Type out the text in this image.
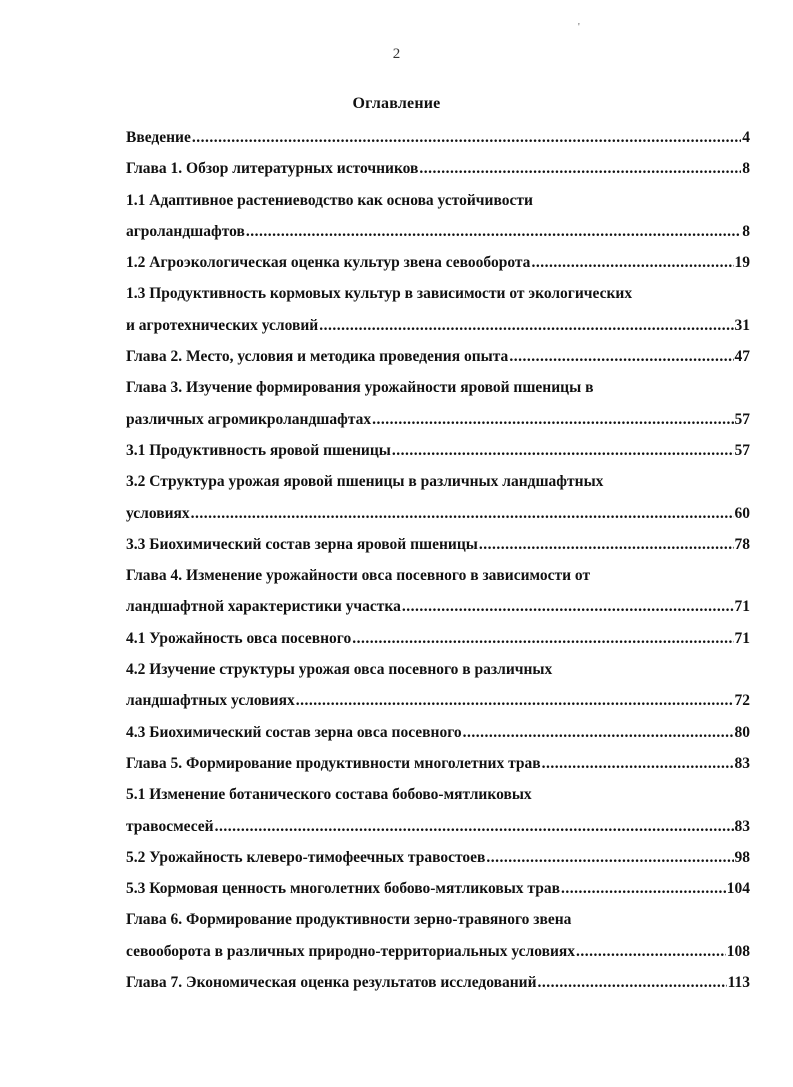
'
2
Оглавление
Введение .....	4
Глава 1. Обзор литературных источников .....	8
1.1 Адаптивное растениеводство как основа устойчивости
агроландшафтов .....	8
1.2 Агроэкологическая оценка культур звена севооборота .....	19
1.3 Продуктивность кормовых культур в зависимости от экологических
и агротехнических условий .....	31
Глава 2. Место, условия и методика проведения опыта .....	47
Глава 3. Изучение формирования урожайности яровой пшеницы в
различных агромикроландшафтах .....	57
3.1 Продуктивность яровой пшеницы .....	57
3.2 Структура урожая яровой пшеницы в различных ландшафтных
условиях .....	60
3.3 Биохимический состав зерна яровой пшеницы .....	78
Глава 4. Изменение урожайности овса посевного в зависимости от
ландшафтной характеристики участка .....	71
4.1 Урожайность овса посевного .....	71
4.2 Изучение структуры урожая овса посевного в различных
ландшафтных условиях .....	72
4.3 Биохимический состав зерна овса посевного .....	80
Глава 5. Формирование продуктивности многолетних трав .....	83
5.1 Изменение ботанического состава бобово-мятликовых
травосмесей .....	83
5.2 Урожайность клеверо-тимофеечных травостоев .....	98
5.3 Кормовая ценность многолетних бобово-мятликовых трав .....	104
Глава 6. Формирование продуктивности зерно-травяного звена
севооборота в различных природно-территориальных условиях .....	108
Глава 7. Экономическая оценка результатов исследований .....	113
